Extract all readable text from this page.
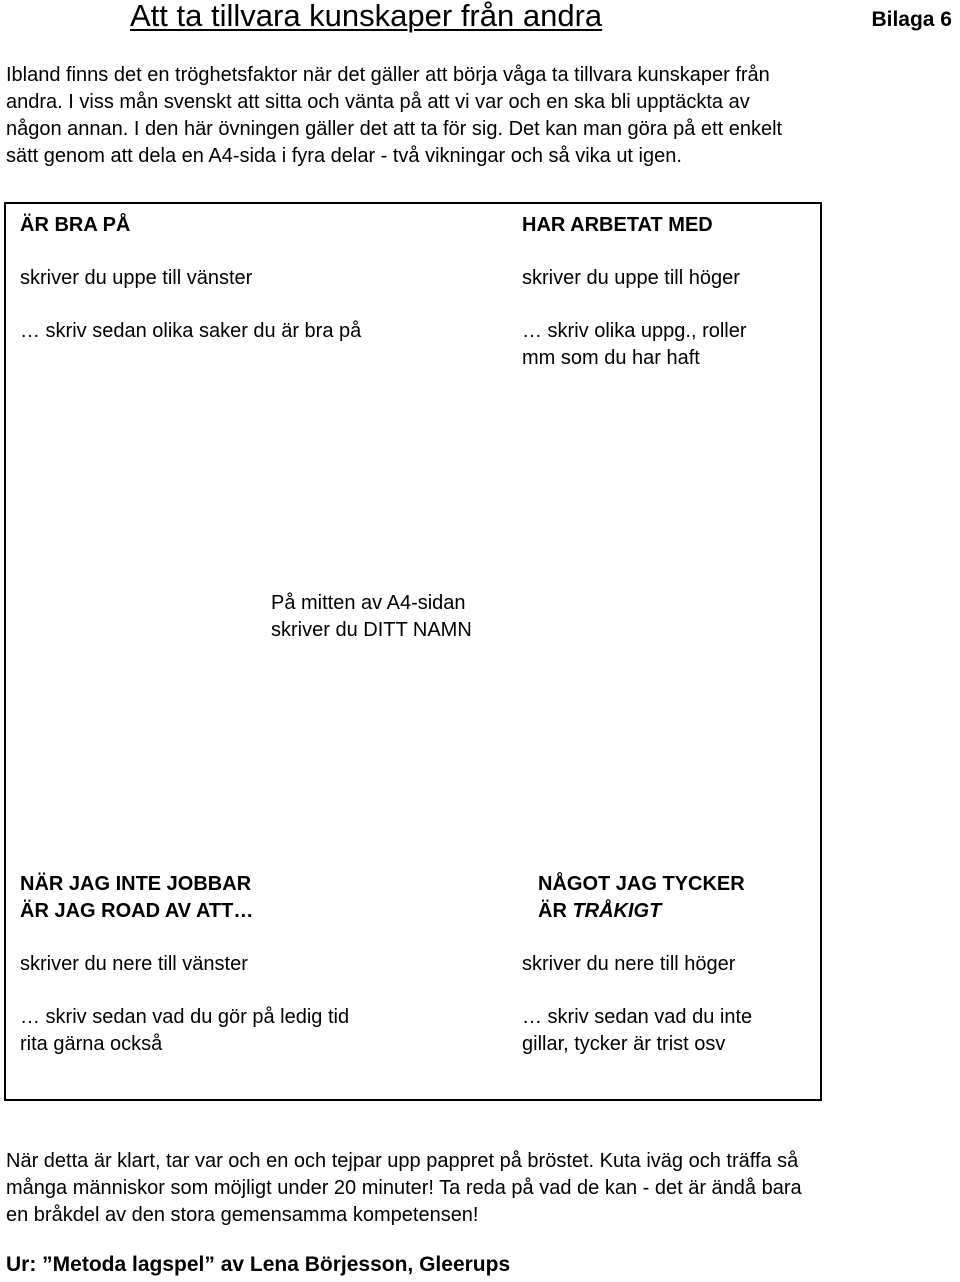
Att ta tillvara kunskaper från andra	Bilaga 6
Ibland finns det en tröghetsfaktor när det gäller att börja våga ta tillvara kunskaper från
andra. I viss mån svenskt att sitta och vänta på att vi var och en ska bli upptäckta av
någon annan. I den här övningen gäller det att ta för sig. Det kan man göra på ett enkelt
sätt genom att dela en A4-sida i fyra delar - två vikningar och så vika ut igen.
ÄR BRA PÅ
skriver du uppe till vänster
… skriv sedan olika saker du är bra på
HAR ARBETAT MED
skriver du uppe till höger
… skriv olika uppg., roller
mm som du har haft
På mitten av A4-sidan
skriver du DITT NAMN
NÄR JAG INTE JOBBAR
ÄR JAG ROAD AV ATT…
skriver du nere till vänster
… skriv sedan vad du gör på ledig tid
rita gärna också
NÅGOT JAG TYCKER
ÄR TRÅKIGT
skriver du nere till höger
… skriv sedan vad du inte
gillar, tycker är trist osv
När detta är klart, tar var och en och tejpar upp pappret på bröstet. Kuta iväg och träffa så
många människor som möjligt under 20 minuter! Ta reda på vad de kan - det är ändå bara
en bråkdel av den stora gemensamma kompetensen!
Ur: ”Metoda lagspel” av Lena Börjesson, Gleerups
